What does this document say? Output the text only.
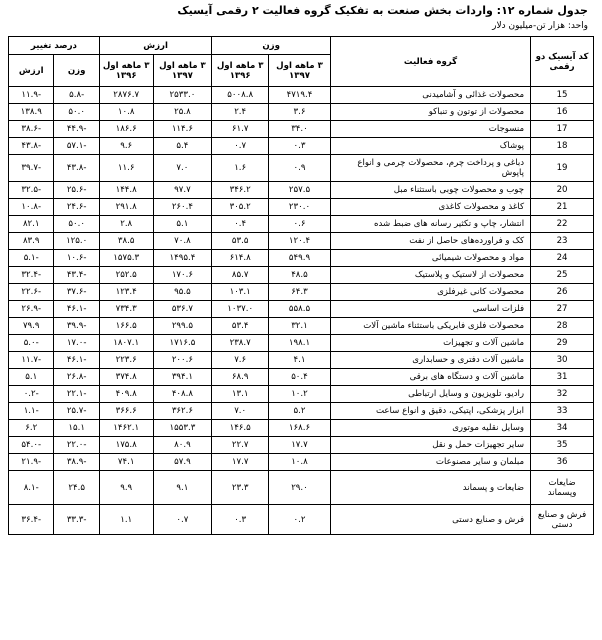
جدول شماره ۱۲: واردات بخش صنعت به تفکیک گروه فعالیت ۲ رقمی آیسیک
واحد: هزار تن-میلیون دلار
کد آیسیک دو رقمی	گروه فعالیت	وزن		ارزش		درصد تغییر	
		۳ ماهه اول ۱۳۹۷	۳ ماهه اول ۱۳۹۶	۳ ماهه اول ۱۳۹۷	۳ ماهه اول ۱۳۹۶	وزن	ارزش
15	محصولات غذائی و آشامیدنی	۴۷۱۹.۴	۵۰۰۸.۸	۲۵۳۳.۰	۲۸۷۶.۷	-۵.۸	-۱۱.۹
16	محصولات از توتون و تنباکو	۳.۶	۲.۴	۲۵.۸	۱۰.۸	۵۰.۰	۱۳۸.۹
17	منسوجات	۳۴.۰	۶۱.۷	۱۱۴.۶	۱۸۶.۶	-۴۴.۹	-۳۸.۶
18	پوشاک	۰.۳	۰.۷	۵.۴	۹.۶	-۵۷.۱	-۴۳.۸
19	دباغی و پرداخت چرم، محصولات چرمی و انواع پاپوش	۰.۹	۱.۶	۷.۰	۱۱.۶	-۴۳.۸	-۳۹.۷
20	چوب و محصولات چوبی باستثناء مبل	۲۵۷.۵	۳۴۶.۲	۹۷.۷	۱۴۴.۸	-۲۵.۶	-۳۲.۵
21	کاغذ و محصولات کاغذی	۲۳۰.۰	۳۰۵.۲	۲۶۰.۴	۲۹۱.۸	-۲۴.۶	-۱۰.۸
22	انتشار، چاپ و تکثیر رسانه های ضبط شده	۰.۶	۰.۴	۵.۱	۲.۸	۵۰.۰	۸۲.۱
23	کک و فراورده‌های حاصل از نفت	۱۲۰.۴	۵۳.۵	۷۰.۸	۳۸.۵	۱۲۵.۰	۸۳.۹
24	مواد و محصولات شیمیائی	۵۴۹.۹	۶۱۴.۸	۱۴۹۵.۴	۱۵۷۵.۳	-۱۰.۶	-۵.۱
25	محصولات از لاستیک و پلاستیک	۴۸.۵	۸۵.۷	۱۷۰.۶	۲۵۲.۵	-۴۳.۴	-۳۲.۴
26	محصولات کانی غیرفلزی	۶۴.۳	۱۰۳.۱	۹۵.۵	۱۲۳.۴	-۳۷.۶	-۲۲.۶
27	فلزات اساسی	۵۵۸.۵	۱۰۳۷.۰	۵۳۶.۷	۷۳۴.۳	-۴۶.۱	-۲۶.۹
28	محصولات فلزی فابریکی باستثناء ماشین آلات	۳۲.۱	۵۳.۴	۲۹۹.۵	۱۶۶.۵	-۳۹.۹	۷۹.۹
29	ماشین آلات و تجهیزات	۱۹۸.۱	۲۳۸.۷	۱۷۱۶.۵	۱۸۰۷.۱	-۱۷.۰	-۵.۰
30	ماشین آلات دفتری و حسابداری	۴.۱	۷.۶	۲۰۰.۶	۲۲۳.۶	-۴۶.۱	-۱۱.۷
31	ماشین آلات و دستگاه های برقی	۵۰.۴	۶۸.۹	۳۹۴.۱	۳۷۴.۸	-۲۶.۸	۵.۱
32	رادیو، تلویزیون و وسایل ارتباطی	۱۰.۲	۱۳.۱	۴۰۸.۸	۴۰۹.۸	-۲۲.۱	-۰.۲
33	ابزار پزشکی، اپتیکی، دقیق و انواع ساعت	۵.۲	۷.۰	۳۶۲.۶	۳۶۶.۶	-۲۵.۷	-۱.۱
34	وسایل نقلیه موتوری	۱۶۸.۶	۱۴۶.۵	۱۵۵۳.۳	۱۴۶۲.۱	۱۵.۱	۶.۲
35	سایر تجهیزات حمل و نقل	۱۷.۷	۲۲.۷	۸۰.۹	۱۷۵.۸	-۲۲.۰	-۵۴.۰
36	مبلمان و سایر مصنوعات	۱۰.۸	۱۷.۷	۵۷.۹	۷۴.۱	-۳۸.۹	-۲۱.۹
ضایعات وپسماند	ضایعات و پسماند	۲۹.۰	۲۳.۳	۹.۱	۹.۹	۲۴.۵	-۸.۱
فرش و صنایع دستی	فرش و صنایع دستی	۰.۲	۰.۳	۰.۷	۱.۱	-۳۳.۳	-۳۶.۴
